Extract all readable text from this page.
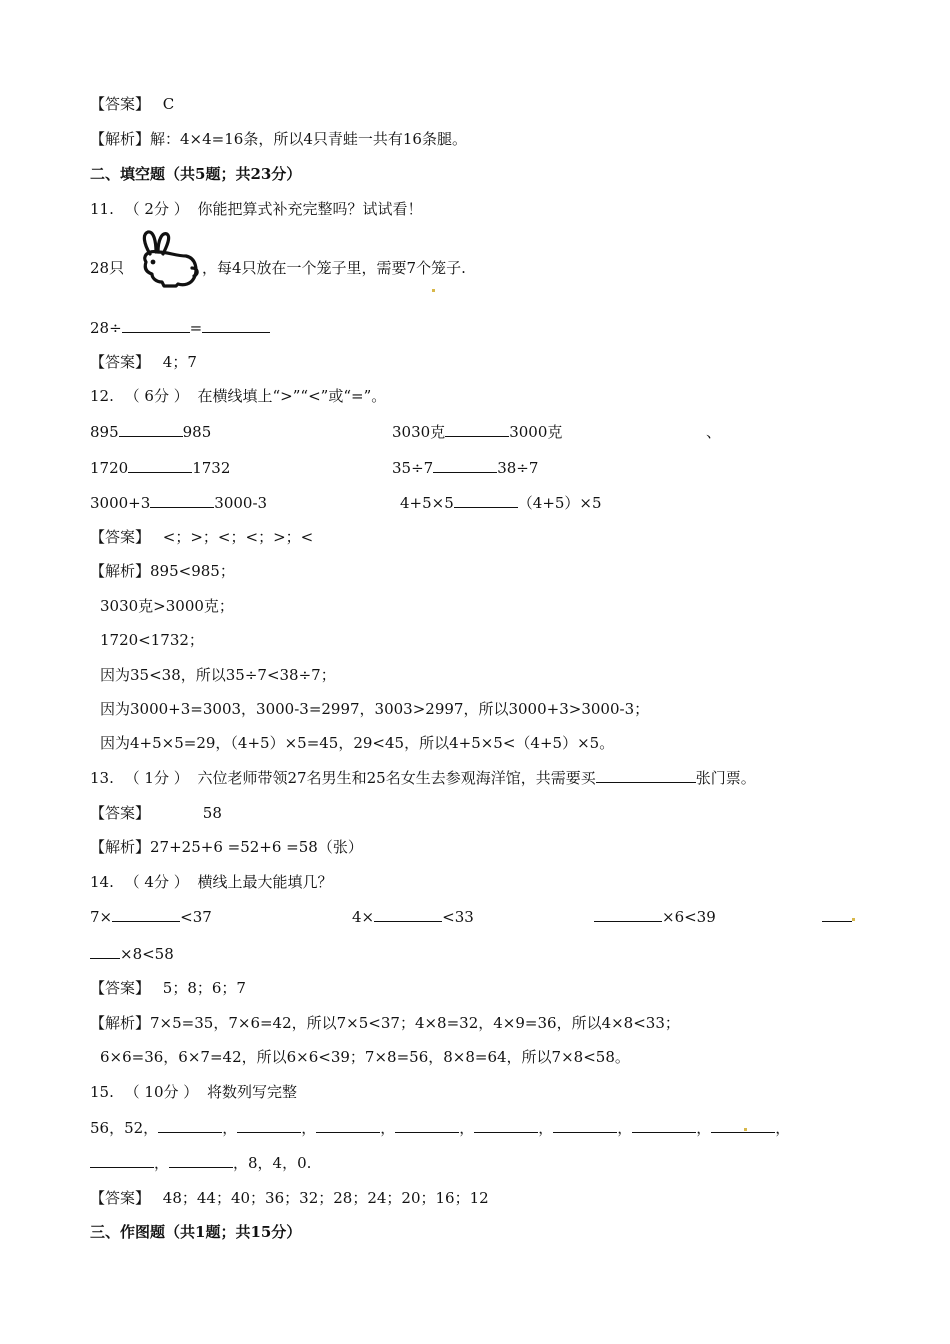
【答案】 C
【解析】解：4×4=16条，所以4只青蛙一共有16条腿。
二、填空题（共5题；共23分）
11. （ 2分 ） 你能把算式补充完整吗？试试看！
28只	，每4只放在一个笼子里，需要7个笼子.
28÷	=
【答案】 4；7
12. （ 6分 ） 在横线填上“>”“<”或“=”。
895	985	3030克	3000克	、
1720	1732	35÷7	38÷7
3000+3	3000-3	4+5×5	（4+5）×5
【答案】 <；>；<；<；>；<
【解析】895<985；
3030克>3000克；
1720<1732；
因为35<38，所以35÷7<38÷7；
因为3000+3=3003，3000-3=2997，3003>2997，所以3000+3>3000-3；
因为4+5×5=29，（4+5）×5=45，29<45，所以4+5×5<（4+5）×5。
13. （ 1分 ） 六位老师带领27名男生和25名女生去参观海洋馆，共需要买	张门票。
【答案】	58
【解析】27+25+6 =52+6 =58（张）
14. （ 4分 ） 横线上最大能填几？
7×	<37	4×	<33	×6<39
×8<58
【答案】 5；8；6；7
【解析】7×5=35，7×6=42，所以7×5<37；4×8=32，4×9=36，所以4×8<33；
6×6=36，6×7=42，所以6×6<39；7×8=56，8×8=64，所以7×8<58。
15. （ 10分 ） 将数列写完整
56，52，	，	，	，	，	，	，	，	，
，	，8，4，0.
【答案】 48；44；40；36；32；28；24；20；16；12
三、作图题（共1题；共15分）
